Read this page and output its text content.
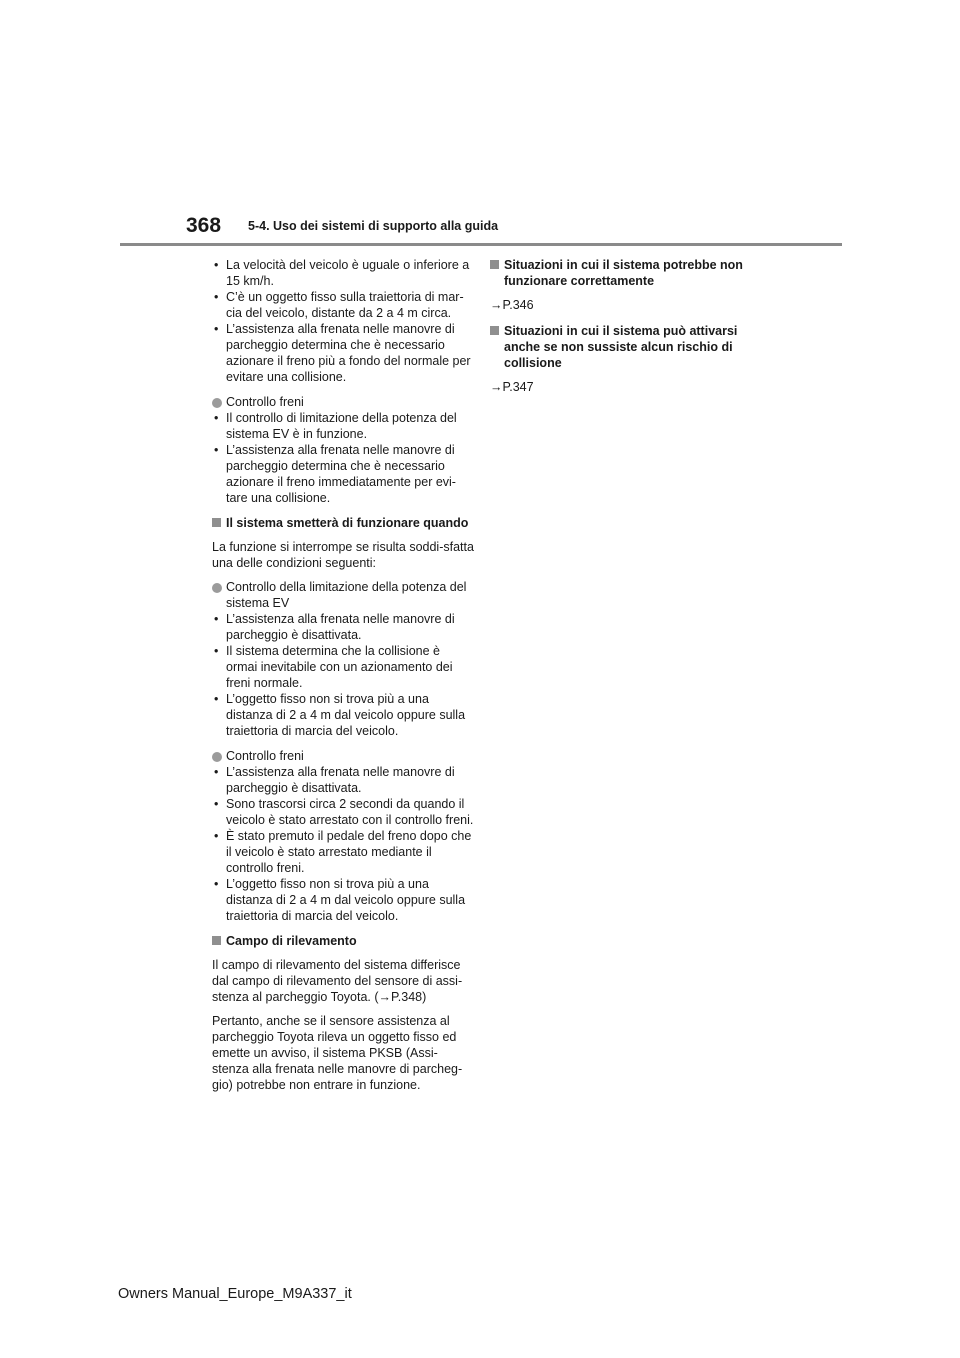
368 5-4. Uso dei sistemi di supporto alla guida
• La velocità del veicolo è uguale o inferiore a 15 km/h.
• C’è un oggetto fisso sulla traiettoria di mar-cia del veicolo, distante da 2 a 4 m circa.
• L’assistenza alla frenata nelle manovre di parcheggio determina che è necessario azionare il freno più a fondo del normale per evitare una collisione.

Controllo freni

• Il controllo di limitazione della potenza del sistema EV è in funzione.
• L’assistenza alla frenata nelle manovre di parcheggio determina che è necessario azionare il freno immediatamente per evi-tare una collisione.

Il sistema smetterà di funzionare quando

La funzione si interrompe se risulta soddi-sfatta una delle condizioni seguenti:

Controllo della limitazione della potenza del sistema EV

• L’assistenza alla frenata nelle manovre di parcheggio è disattivata.
• Il sistema determina che la collisione è ormai inevitabile con un azionamento dei freni normale.
• L’oggetto fisso non si trova più a una distanza di 2 a 4 m dal veicolo oppure sulla traiettoria di marcia del veicolo.

Controllo freni

• L’assistenza alla frenata nelle manovre di parcheggio è disattivata.
• Sono trascorsi circa 2 secondi da quando il veicolo è stato arrestato con il controllo freni.
• È stato premuto il pedale del freno dopo che il veicolo è stato arrestato mediante il controllo freni.
• L’oggetto fisso non si trova più a una distanza di 2 a 4 m dal veicolo oppure sulla traiettoria di marcia del veicolo.

Campo di rilevamento

Il campo di rilevamento del sistema differisce dal campo di rilevamento del sensore di assi-stenza al parcheggio Toyota. (→P.348)

Pertanto, anche se il sensore assistenza al parcheggio Toyota rileva un oggetto fisso ed emette un avviso, il sistema PKSB (Assi-stenza alla frenata nelle manovre di parcheg-gio) potrebbe non entrare in funzione.

Situazioni in cui il sistema potrebbe non funzionare correttamente

→P.346

Situazioni in cui il sistema può attivarsi anche se non sussiste alcun rischio di collisione

→P.347

Owners Manual_Europe_M9A337_it
